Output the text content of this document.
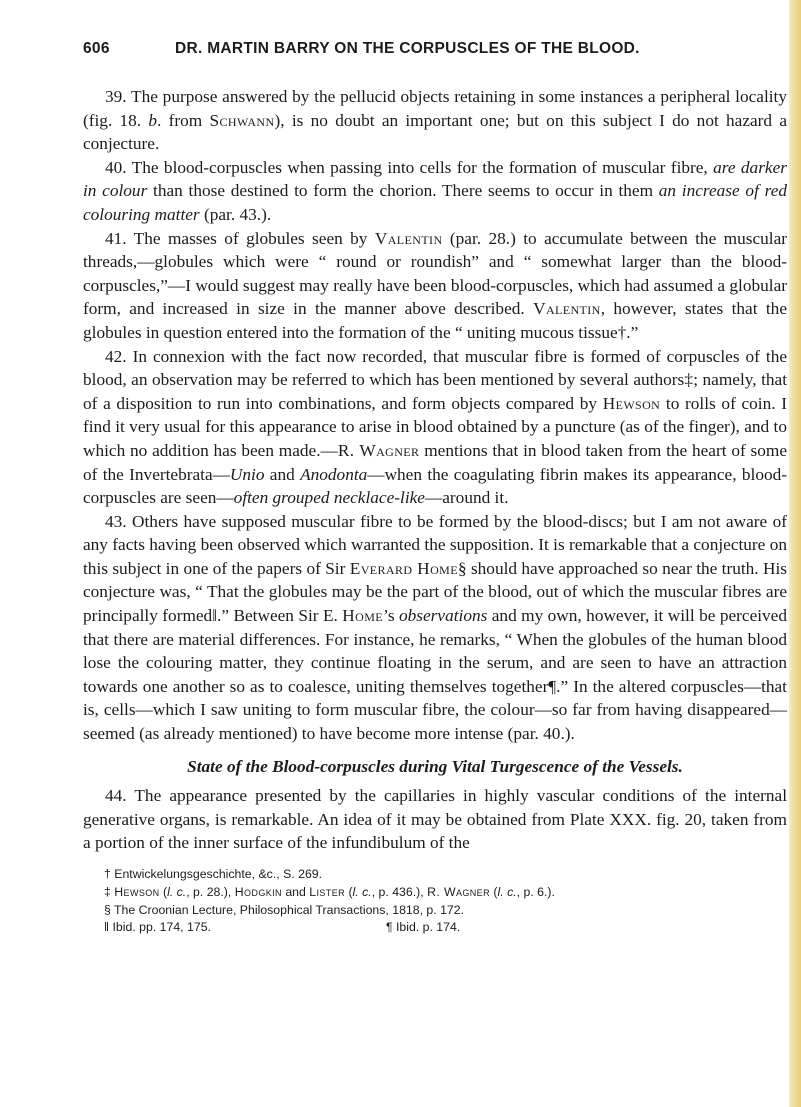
606	DR. MARTIN BARRY ON THE CORPUSCLES OF THE BLOOD.

39. The purpose answered by the pellucid objects retaining in some instances a peripheral locality (fig. 18. b. from Schwann), is no doubt an important one; but on this subject I do not hazard a conjecture.

40. The blood-corpuscles when passing into cells for the formation of muscular fibre, are darker in colour than those destined to form the chorion. There seems to occur in them an increase of red colouring matter (par. 43.).

41. The masses of globules seen by Valentin (par. 28.) to accumulate between the muscular threads,—globules which were “ round or roundish” and “ somewhat larger than the blood-corpuscles,”—I would suggest may really have been blood-corpuscles, which had assumed a globular form, and increased in size in the manner above described. Valentin, however, states that the globules in question entered into the formation of the “ uniting mucous tissue†.”

42. In connexion with the fact now recorded, that muscular fibre is formed of corpuscles of the blood, an observation may be referred to which has been mentioned by several authors‡; namely, that of a disposition to run into combinations, and form objects compared by Hewson to rolls of coin. I find it very usual for this appearance to arise in blood obtained by a puncture (as of the finger), and to which no addition has been made.—R. Wagner mentions that in blood taken from the heart of some of the Invertebrata—Unio and Anodonta—when the coagulating fibrin makes its appearance, blood-corpuscles are seen—often grouped necklace-like—around it.

43. Others have supposed muscular fibre to be formed by the blood-discs; but I am not aware of any facts having been observed which warranted the supposition. It is remarkable that a conjecture on this subject in one of the papers of Sir Everard Home§ should have approached so near the truth. His conjecture was, “ That the globules may be the part of the blood, out of which the muscular fibres are principally formed‖.” Between Sir E. Home’s observations and my own, however, it will be perceived that there are material differences. For instance, he remarks, “ When the globules of the human blood lose the colouring matter, they continue floating in the serum, and are seen to have an attraction towards one another so as to coalesce, uniting themselves together¶.” In the altered corpuscles—that is, cells—which I saw uniting to form muscular fibre, the colour—so far from having disappeared—seemed (as already mentioned) to have become more intense (par. 40.).

State of the Blood-corpuscles during Vital Turgescence of the Vessels.

44. The appearance presented by the capillaries in highly vascular conditions of the internal generative organs, is remarkable. An idea of it may be obtained from Plate XXX. fig. 20, taken from a portion of the inner surface of the infundibulum of the

† Entwickelungsgeschichte, &c., S. 269.
‡ Hewson (l. c., p. 28.), Hodgkin and Lister (l. c., p. 436.), R. Wagner (l. c., p. 6.).
§ The Croonian Lecture, Philosophical Transactions, 1818, p. 172.
‖ Ibid. pp. 174, 175.	¶ Ibid. p. 174.
